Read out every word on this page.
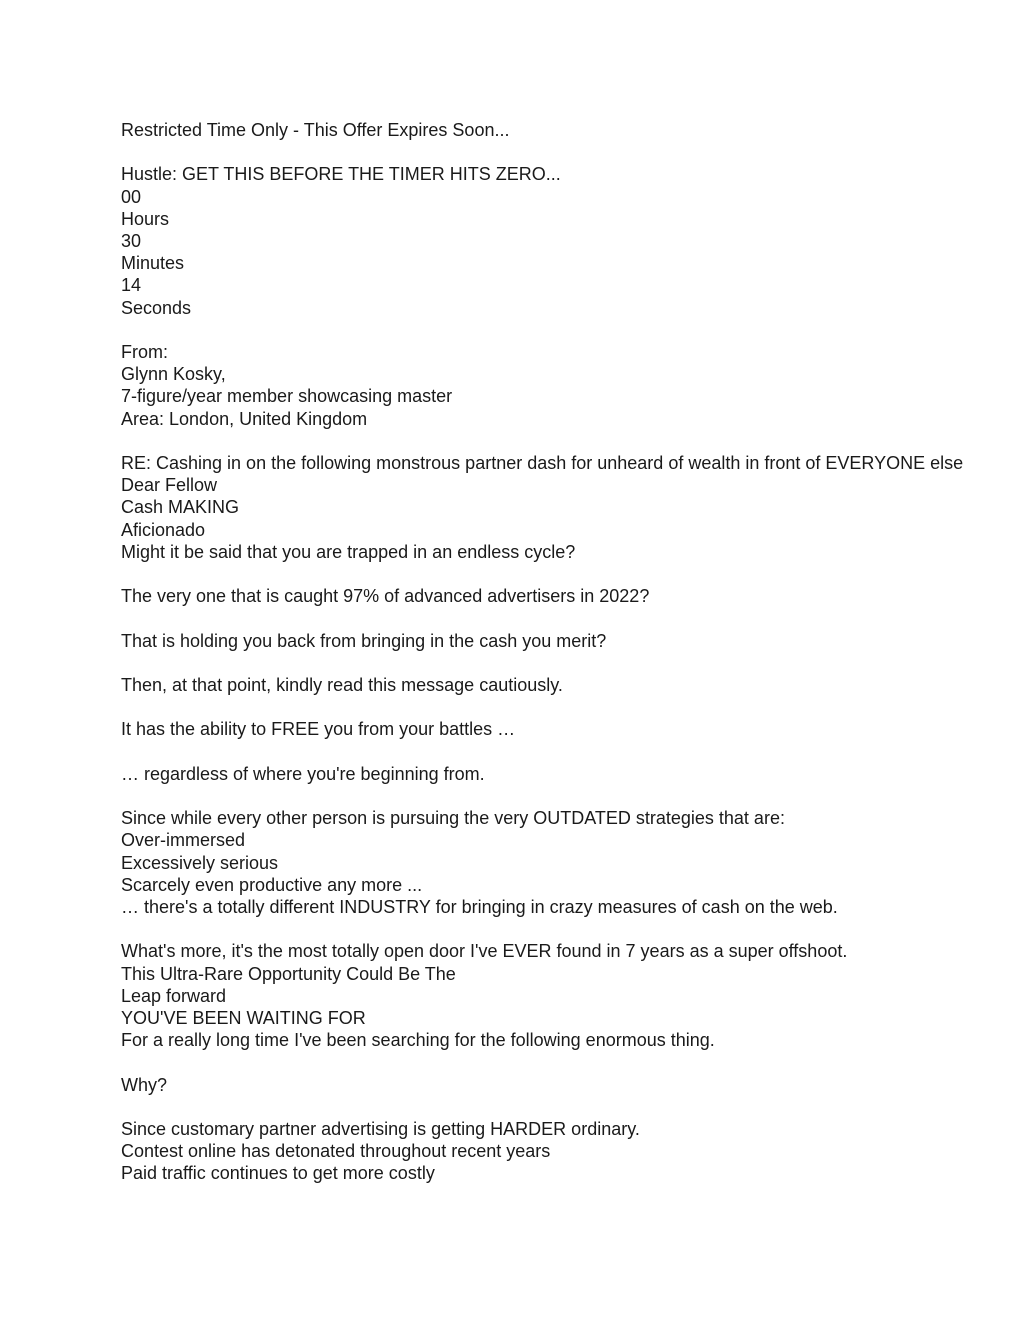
Restricted Time Only - This Offer Expires Soon...
Hustle: GET THIS BEFORE THE TIMER HITS ZERO...
00
Hours
30
Minutes
14
Seconds
From:
Glynn Kosky,
7-figure/year member showcasing master
Area: London, United Kingdom
RE: Cashing in on the following monstrous partner dash for unheard of wealth in front of EVERYONE else
Dear Fellow
Cash MAKING
Aficionado
Might it be said that you are trapped in an endless cycle?
The very one that is caught 97% of advanced advertisers in 2022?
That is holding you back from bringing in the cash you merit?
Then, at that point, kindly read this message cautiously.
It has the ability to FREE you from your battles …
… regardless of where you're beginning from.
Since while every other person is pursuing the very OUTDATED strategies that are:
Over-immersed
Excessively serious
Scarcely even productive any more ...
… there's a totally different INDUSTRY for bringing in crazy measures of cash on the web.
What's more, it's the most totally open door I've EVER found in 7 years as a super offshoot.
This Ultra-Rare Opportunity Could Be The
Leap forward
YOU'VE BEEN WAITING FOR
For a really long time I've been searching for the following enormous thing.
Why?
Since customary partner advertising is getting HARDER ordinary.
Contest online has detonated throughout recent years
Paid traffic continues to get more costly
